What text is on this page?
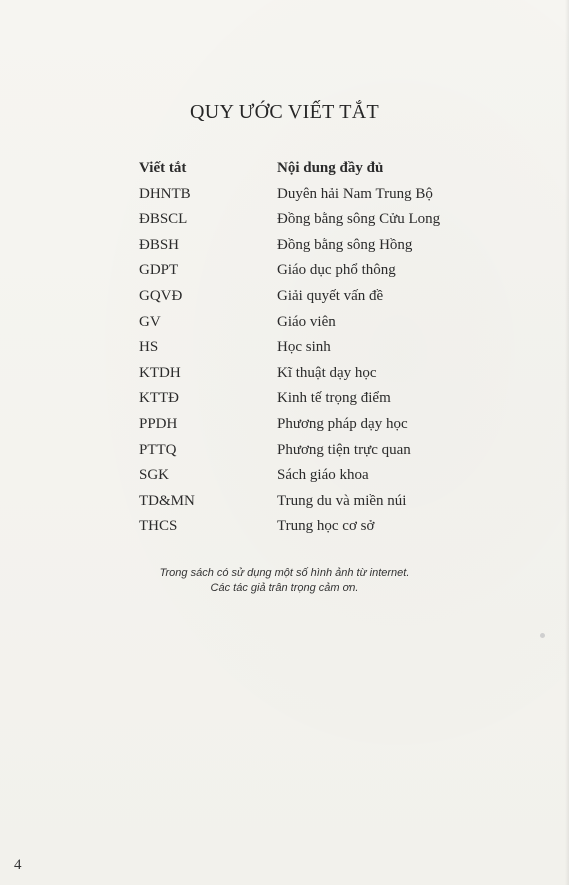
QUY ƯỚC VIẾT TẮT
Viết tắt	Nội dung đầy đủ
DHNTB	Duyên hải Nam Trung Bộ
ĐBSCL	Đồng bằng sông Cửu Long
ĐBSH	Đồng bằng sông Hồng
GDPT	Giáo dục phổ thông
GQVĐ	Giải quyết vấn đề
GV	Giáo viên
HS	Học sinh
KTDH	Kĩ thuật dạy học
KTTĐ	Kinh tế trọng điểm
PPDH	Phương pháp dạy học
PTTQ	Phương tiện trực quan
SGK	Sách giáo khoa
TD&MN	Trung du và miền núi
THCS	Trung học cơ sở
Trong sách có sử dụng một số hình ảnh từ internet.
Các tác giả trân trọng cảm ơn.
4
